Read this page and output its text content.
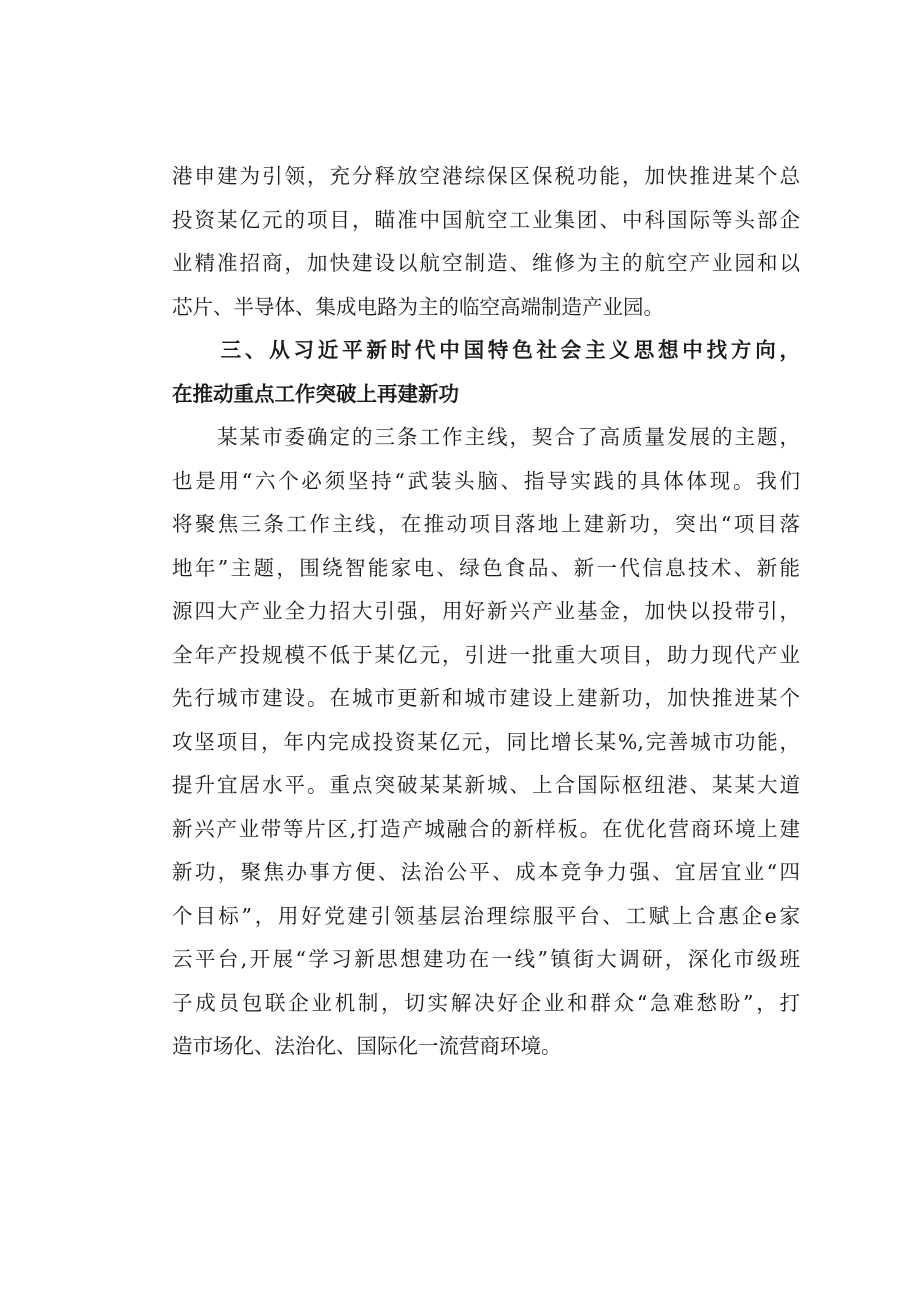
港申建为引领，充分释放空港综保区保税功能，加快推进某个总
投资某亿元的项目，瞄准中国航空工业集团、中科国际等头部企
业精准招商，加快建设以航空制造、维修为主的航空产业园和以
芯片、半导体、集成电路为主的临空高端制造产业园。
　　三、从习近平新时代中国特色社会主义思想中找方向，
在推动重点工作突破上再建新功
　　某某市委确定的三条工作主线，契合了高质量发展的主题，
也是用“六个必须坚持“武装头脑、指导实践的具体体现。我们
将聚焦三条工作主线，在推动项目落地上建新功，突出“项目落
地年”主题，围绕智能家电、绿色食品、新一代信息技术、新能
源四大产业全力招大引强，用好新兴产业基金，加快以投带引，
全年产投规模不低于某亿元，引进一批重大项目，助力现代产业
先行城市建设。在城市更新和城市建设上建新功，加快推进某个
攻坚项目，年内完成投资某亿元，同比增长某%,完善城市功能，
提升宜居水平。重点突破某某新城、上合国际枢纽港、某某大道
新兴产业带等片区,打造产城融合的新样板。在优化营商环境上建
新功，聚焦办事方便、法治公平、成本竞争力强、宜居宜业“四
个目标”，用好党建引领基层治理综服平台、工赋上合惠企e家
云平台,开展“学习新思想建功在一线”镇街大调研，深化市级班
子成员包联企业机制，切实解决好企业和群众“急难愁盼”，打
造市场化、法治化、国际化一流营商环境。
